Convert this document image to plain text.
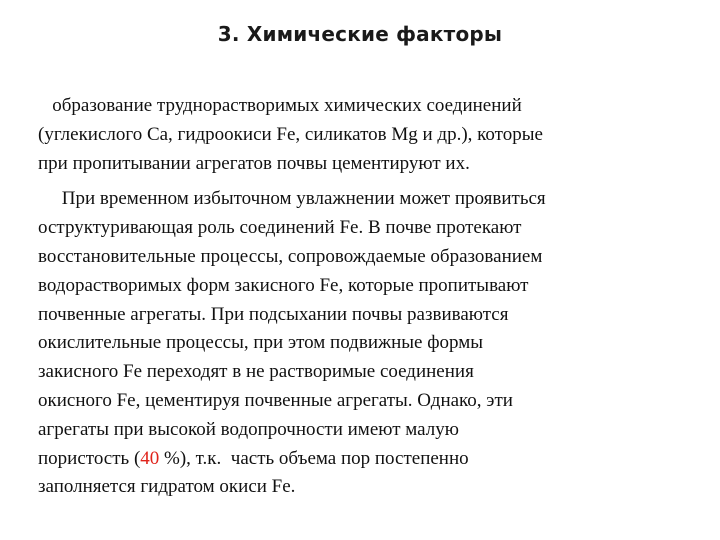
3. Химические факторы
образование труднорастворимых химических соединений
(углекислого Ca, гидроокиси Fe, силикатов Mg и др.), которые
при пропитывании агрегатов почвы цементируют их.
При временном избыточном увлажнении может проявиться
оструктуривающая роль соединений Fe. В почве протекают
восстановительные процессы, сопровождаемые образованием
водорастворимых форм закисного Fe, которые пропитывают
почвенные агрегаты. При подсыхании почвы развиваются
окислительные процессы, при этом подвижные формы
закисного Fe переходят в не растворимые соединения
окисного Fe, цементируя почвенные агрегаты. Однако, эти
агрегаты при высокой водопрочности имеют малую
пористость (40 %), т.к.  часть объема пор постепенно
заполняется гидратом окиси Fe.
